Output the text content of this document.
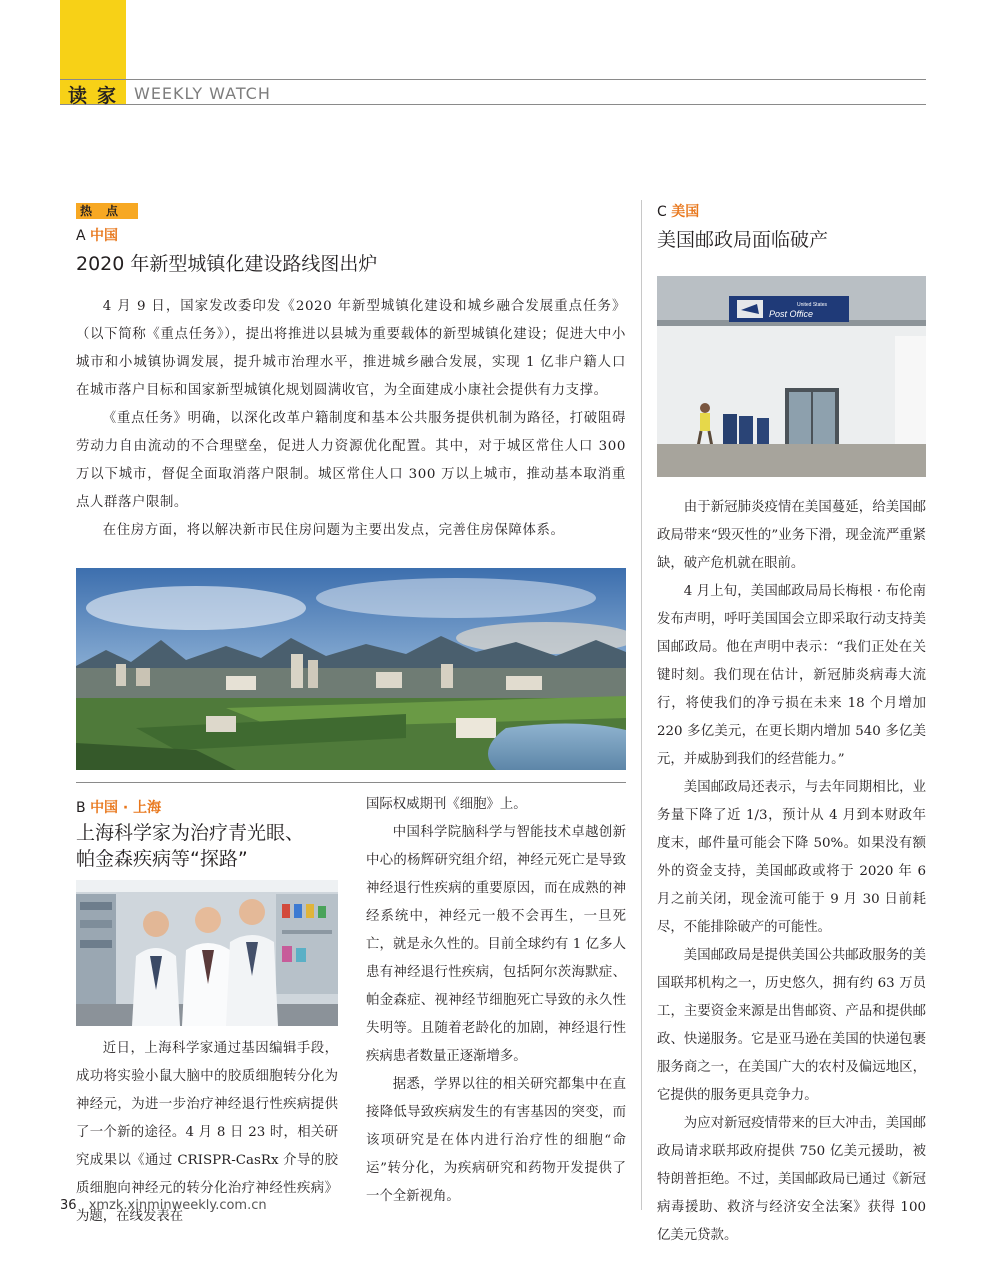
读家 WEEKLY WATCH
热点
A 中国
2020 年新型城镇化建设路线图出炉

4 月 9 日，国家发改委印发《2020 年新型城镇化建设和城乡融合发展重点任务》（以下简称《重点任务》），提出将推进以县城为重要载体的新型城镇化建设；促进大中小城市和小城镇协调发展，提升城市治理水平，推进城乡融合发展，实现 1 亿非户籍人口在城市落户目标和国家新型城镇化规划圆满收官，为全面建成小康社会提供有力支撑。

《重点任务》明确，以深化改革户籍制度和基本公共服务提供机制为路径，打破阻碍劳动力自由流动的不合理壁垒，促进人力资源优化配置。其中，对于城区常住人口 300 万以下城市，督促全面取消落户限制。城区常住人口 300 万以上城市，推动基本取消重点人群落户限制。

在住房方面，将以解决新市民住房问题为主要出发点，完善住房保障体系。

B 中国 · 上海
上海科学家为治疗青光眼、
帕金森疾病等“探路”

近日，上海科学家通过基因编辑手段，成功将实验小鼠大脑中的胶质细胞转分化为神经元，为进一步治疗神经退行性疾病提供了一个新的途径。4 月 8 日 23 时，相关研究成果以《通过 CRISPR-CasRx 介导的胶质细胞向神经元的转分化治疗神经性疾病》为题，在线发表在

国际权威期刊《细胞》上。

中国科学院脑科学与智能技术卓越创新中心的杨辉研究组介绍，神经元死亡是导致神经退行性疾病的重要原因，而在成熟的神经系统中，神经元一般不会再生，一旦死亡，就是永久性的。目前全球约有 1 亿多人患有神经退行性疾病，包括阿尔茨海默症、帕金森症、视神经节细胞死亡导致的永久性失明等。且随着老龄化的加剧，神经退行性疾病患者数量正逐渐增多。

据悉，学界以往的相关研究都集中在直接降低导致疾病发生的有害基因的突变，而该项研究是在体内进行治疗性的细胞“命运”转分化，为疾病研究和药物开发提供了一个全新视角。

C 美国
美国邮政局面临破产
United States
Post Office

由于新冠肺炎疫情在美国蔓延，给美国邮政局带来“毁灭性的”业务下滑，现金流严重紧缺，破产危机就在眼前。

4 月上旬，美国邮政局局长梅根 · 布伦南发布声明，呼吁美国国会立即采取行动支持美国邮政局。他在声明中表示：“我们正处在关键时刻。我们现在估计，新冠肺炎病毒大流行，将使我们的净亏损在未来 18 个月增加 220 多亿美元，在更长期内增加 540 多亿美元，并威胁到我们的经营能力。”

美国邮政局还表示，与去年同期相比，业务量下降了近 1/3，预计从 4 月到本财政年度末，邮件量可能会下降 50%。如果没有额外的资金支持，美国邮政或将于 2020 年 6 月之前关闭，现金流可能于 9 月 30 日前耗尽，不能排除破产的可能性。

美国邮政局是提供美国公共邮政服务的美国联邦机构之一，历史悠久，拥有约 63 万员工，主要资金来源是出售邮资、产品和提供邮政、快递服务。它是亚马逊在美国的快递包裹服务商之一，在美国广大的农村及偏远地区，它提供的服务更具竞争力。

为应对新冠疫情带来的巨大冲击，美国邮政局请求联邦政府提供 750 亿美元援助，被特朗普拒绝。不过，美国邮政局已通过《新冠病毒援助、救济与经济安全法案》获得 100 亿美元贷款。

36 xmzk.xinminweekly.com.cn
